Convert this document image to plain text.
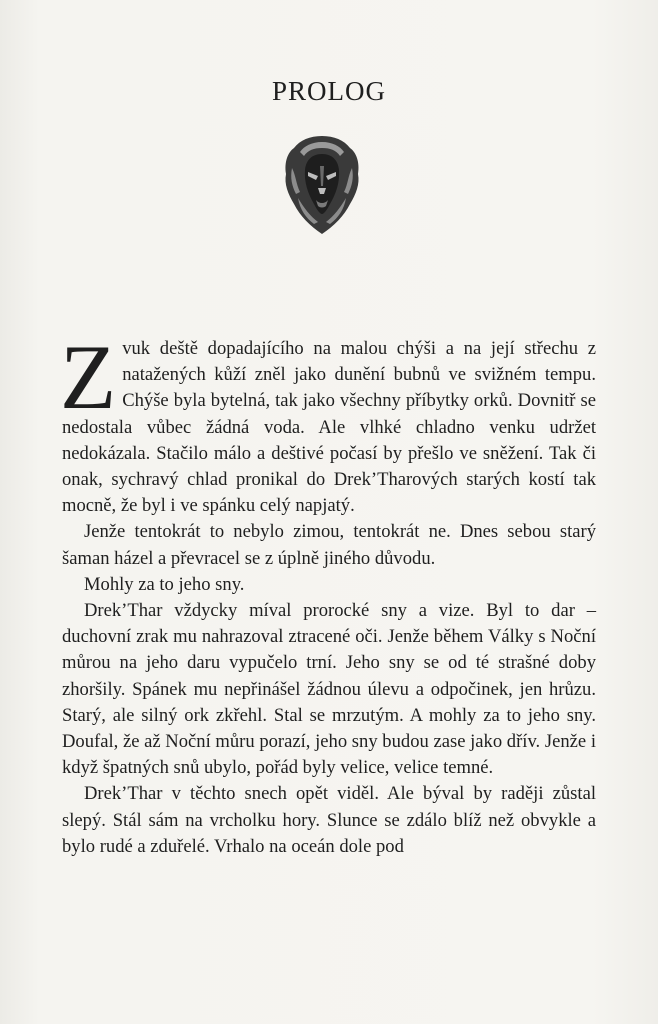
PROLOG

Zvuk deště dopadajícího na malou chýši a na její střechu z natažených kůží zněl jako dunění bubnů ve svižném tempu. Chýše byla bytelná, tak jako všechny příbytky orků. Dovnitř se nedostala vůbec žádná voda. Ale vlhké chladno venku udržet nedokázala. Stačilo málo a deštivé počasí by přešlo ve sněžení. Tak či onak, sychravý chlad pronikal do Drek’Tharových starých kostí tak mocně, že byl i ve spánku celý napjatý.

Jenže tentokrát to nebylo zimou, tentokrát ne. Dnes sebou starý šaman házel a převracel se z úplně jiného důvodu.

Mohly za to jeho sny.

Drek’Thar vždycky míval prorocké sny a vize. Byl to dar – duchovní zrak mu nahrazoval ztracené oči. Jenže během Války s Noční můrou na jeho daru vypučelo trní. Jeho sny se od té strašné doby zhoršily. Spánek mu nepřinášel žádnou úlevu a odpočinek, jen hrůzu. Starý, ale silný ork zkřehl. Stal se mrzutým. A mohly za to jeho sny. Doufal, že až Noční můru porazí, jeho sny budou zase jako dřív. Jenže i když špatných snů ubylo, pořád byly velice, velice temné.

Drek’Thar v těchto snech opět viděl. Ale býval by raději zůstal slepý. Stál sám na vrcholku hory. Slunce se zdálo blíž než obvykle a bylo rudé a zduřelé. Vrhalo na oceán dole pod
